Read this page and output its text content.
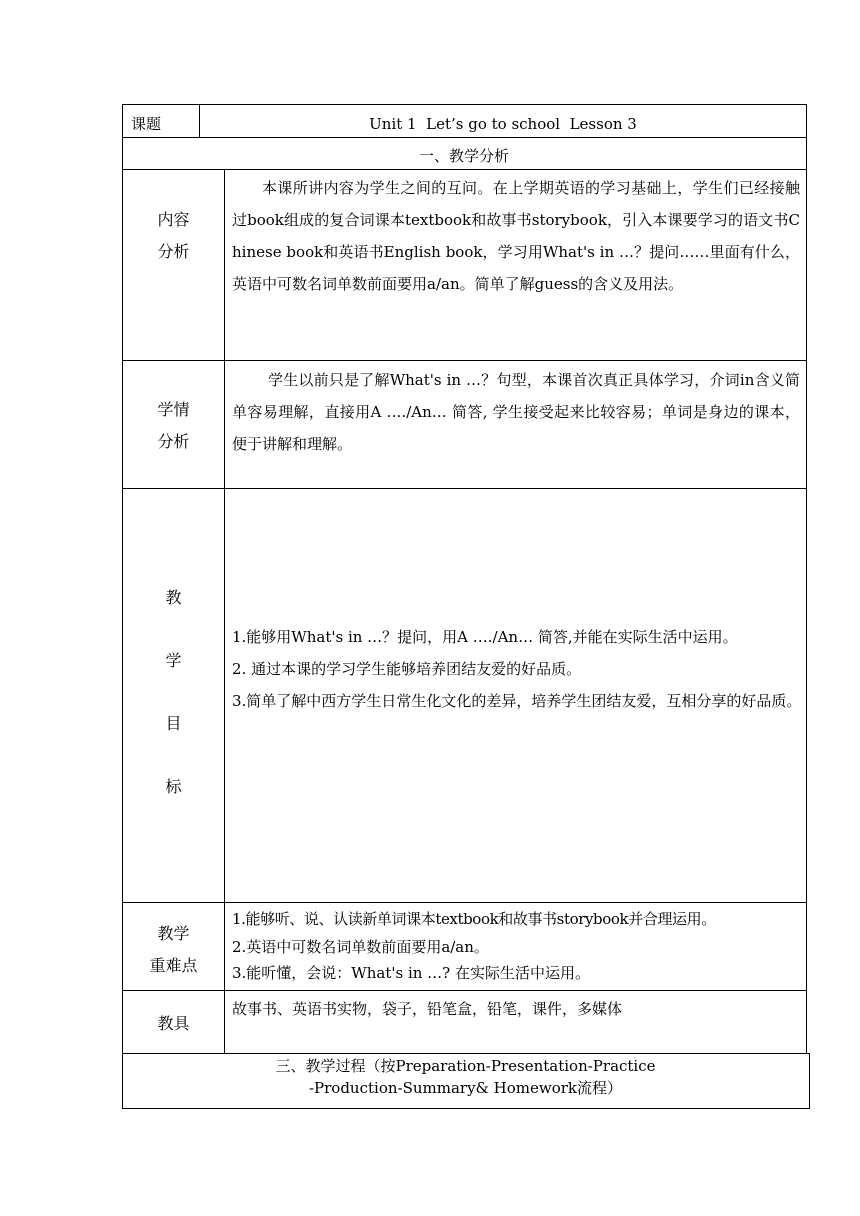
课题	Unit 1  Let’s go to school  Lesson 3
一、教学分析
内容
分析

本课所讲内容为学生之间的互问。在上学期英语的学习基础上，学生们已经接触过book组成的复合词课本textbook和故事书storybook，引入本课要学习的语文书Chinese book和英语书English book，学习用What's in …？提问……里面有什么，英语中可数名词单数前面要用a/an。简单了解guess的含义及用法。

学情
分析

学生以前只是了解What's in …？句型，本课首次真正具体学习，介词in含义简单容易理解，直接用A …./An… 简答, 学生接受起来比较容易；单词是身边的课本，便于讲解和理解。

教
学
目
标

1.能够用What's in …？提问，用A …./An… 简答,并能在实际生活中运用。

2. 通过本课的学习学生能够培养团结友爱的好品质。

3.简单了解中西方学生日常生化文化的差异，培养学生团结友爱，互相分享的好品质。

教学
重难点

1.能够听、说、认读新单词课本textbook和故事书storybook并合理运用。

2.英语中可数名词单数前面要用a/an。

3.能听懂，会说：What's in …? 在实际生活中运用。

教具
故事书、英语书实物，袋子，铅笔盒，铅笔，课件，多媒体
三、教学过程（按Preparation-Presentation-Practice
-Production-Summary& Homework流程）
